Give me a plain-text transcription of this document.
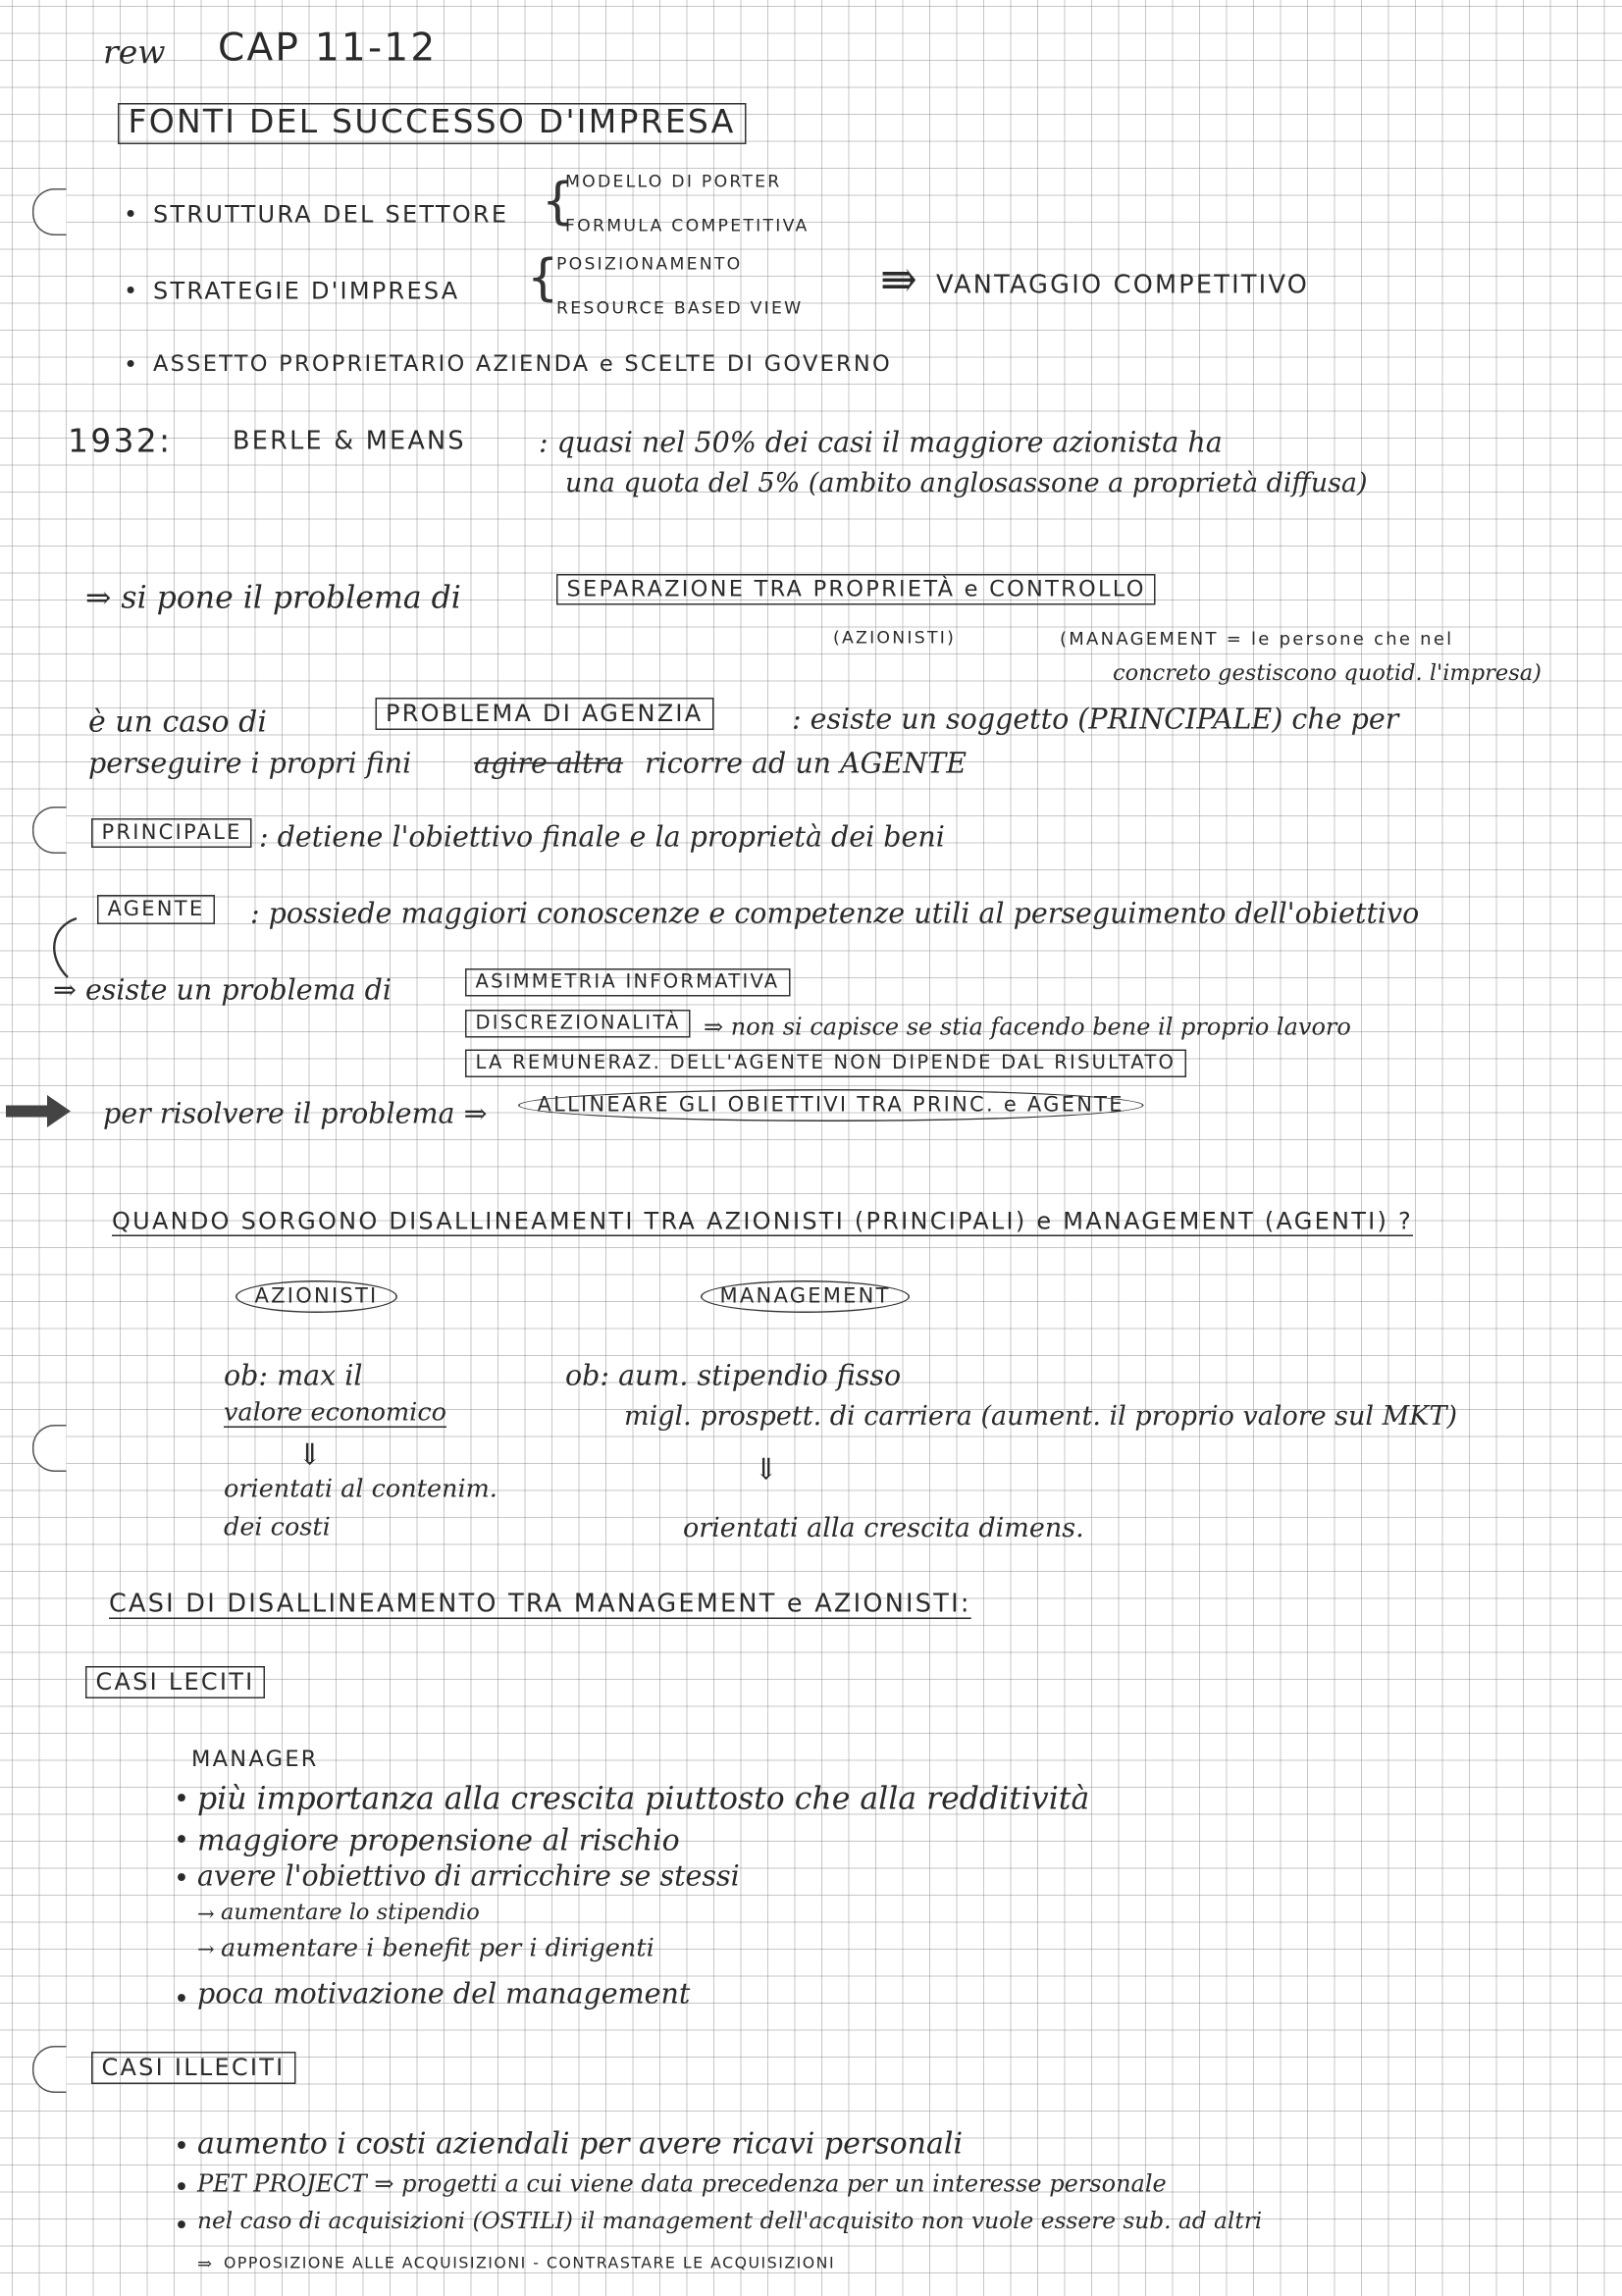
rew CAP 11-12
FONTI DEL SUCCESSO D'IMPRESA
• STRUTTURA DEL SETTORE {
MODELLO DI PORTER
FORMULA COMPETITIVA
• STRATEGIE D'IMPRESA {
POSIZIONAMENTO
RESOURCE BASED VIEW
⇛ VANTAGGIO COMPETITIVO
• ASSETTO PROPRIETARIO AZIENDA e SCELTE DI GOVERNO
1932:	BERLE & MEANS	: quasi nel 50% dei casi il maggiore azionista ha
una quota del 5% (ambito anglosassone a proprietà diffusa)
⇒ si pone il problema di	SEPARAZIONE TRA PROPRIETÀ e CONTROLLO
(AZIONISTI)	(MANAGEMENT = le persone che nel
concreto gestiscono quotid. l'impresa)
è un caso di	PROBLEMA DI AGENZIA	: esiste un soggetto (PRINCIPALE) che per
perseguire i propri fini	agire altra ricorre ad un AGENTE
PRINCIPALE : detiene l'obiettivo finale e la proprietà dei beni
AGENTE	: possiede maggiori conoscenze e competenze utili al perseguimento dell'obiettivo
⇒ esiste un problema di	ASIMMETRIA INFORMATIVA
DISCREZIONALITÀ	⇒ non si capisce se stia facendo bene il proprio lavoro
LA REMUNERAZ. DELL'AGENTE NON DIPENDE DAL RISULTATO
per risolvere il problema ⇒	ALLINEARE GLI OBIETTIVI TRA PRINC. e AGENTE
QUANDO SORGONO DISALLINEAMENTI TRA AZIONISTI (PRINCIPALI) e MANAGEMENT (AGENTI) ?
AZIONISTI	MANAGEMENT
ob: max il
valore economico
⇓
orientati al contenim.
dei costi
ob: aum. stipendio fisso
migl. prospett. di carriera (aument. il proprio valore sul MKT)
⇓
orientati alla crescita dimens.
CASI DI DISALLINEAMENTO TRA MANAGEMENT e AZIONISTI:
CASI LECITI
MANAGER
• più importanza alla crescita piuttosto che alla redditività
• maggiore propensione al rischio
• avere l'obiettivo di arricchire se stessi
→ aumentare lo stipendio
→ aumentare i benefit per i dirigenti
• poca motivazione del management
CASI ILLECITI
• aumento i costi aziendali per avere ricavi personali
• PET PROJECT ⇒ progetti a cui viene data precedenza per un interesse personale
• nel caso di acquisizioni (OSTILI) il management dell'acquisito non vuole essere sub. ad altri
⇒ OPPOSIZIONE ALLE ACQUISIZIONI - CONTRASTARE LE ACQUISIZIONI
